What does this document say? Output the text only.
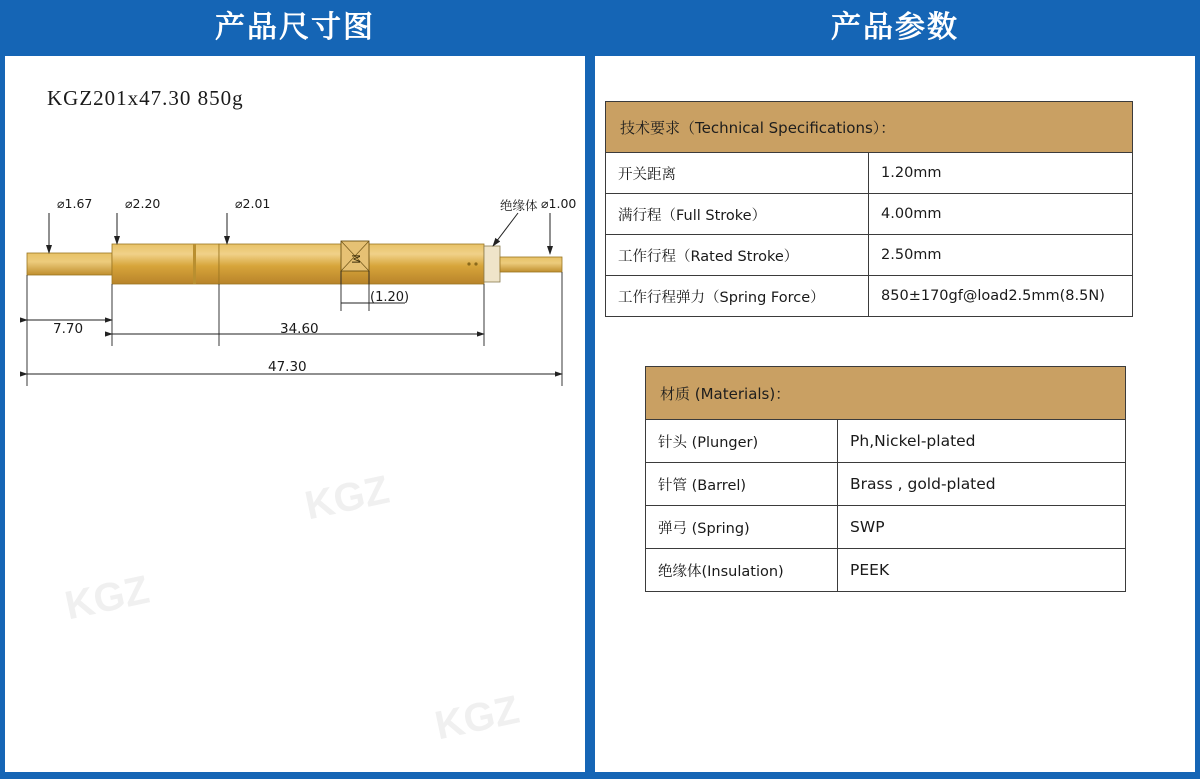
产品尺寸图
KGZ201x47.30 850g
KGZ
KGZ
KGZ
M
⌀1.67	⌀2.20	⌀2.01	绝缘体 ⌀1.00
(1.20)
7.70	34.60
47.30
产品参数
技术要求（Technical Specifications）：	
开关距离	1.20mm
满行程（Full Stroke）	4.00mm
工作行程（Rated Stroke）	2.50mm
工作行程弹力（Spring Force）	850±170gf@load2.5mm(8.5N)
材质 (Materials)：	
针头 (Plunger)	Ph,Nickel-plated
针管 (Barrel)	Brass , gold-plated
弹弓 (Spring)	SWP
绝缘体(Insulation)	PEEK
